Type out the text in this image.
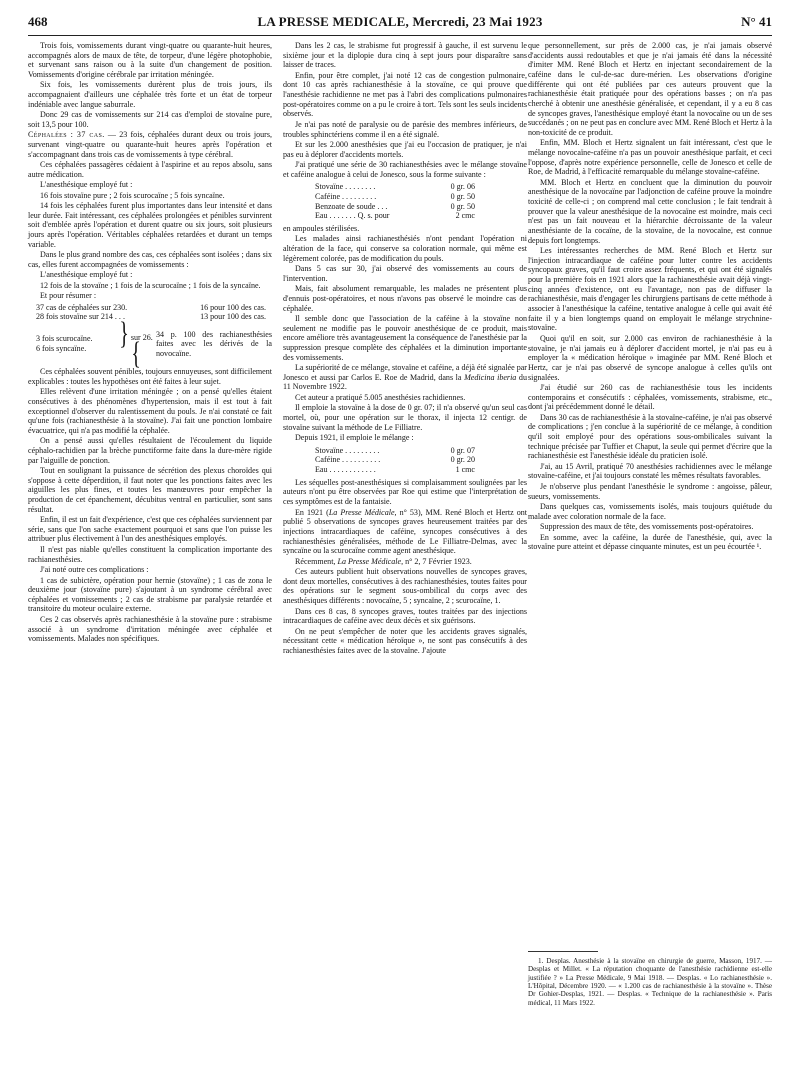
468	LA PRESSE MEDICALE, Mercredi, 23 Mai 1923	N° 41

Trois fois, vomissements durant vingt-quatre ou quarante-huit heures, accompagnés alors de maux de tête, de torpeur, d'une légère photophobie, et survenant sans raison ou à la suite d'un changement de position. Vomissements d'origine cérébrale par irritation méningée.

Six fois, les vomissements durèrent plus de trois jours, ils accompagnaient d'ailleurs une céphalée très forte et un état de torpeur indéniable avec langue saburrale.

Donc 29 cas de vomissements sur 214 cas d'emploi de stovaïne pure, soit 13,5 pour 100.

Céphalées : 37 cas. — 23 fois, céphalées durant deux ou trois jours, survenant vingt-quatre ou quarante-huit heures après l'opération et s'accompagnant dans trois cas de vomissements à type cérébral.

Ces céphalées passagères cédaient à l'aspirine et au repos absolu, sans autre médication.

L'anesthésique employé fut :

16 fois stovaïne pure ; 2 fois scurocaïne ; 5 fois syncaïne.

14 fois les céphalées furent plus importantes dans leur intensité et dans leur durée. Fait intéressant, ces céphalées prolongées et pénibles survinrent soit d'emblée après l'opération et durent quatre ou six jours, soit plusieurs jours après l'opération. Véritables céphalées retardées et durant un temps variable.

Dans le plus grand nombre des cas, ces céphalées sont isolées ; dans six cas, elles furent accompagnées de vomissements :

L'anesthésique employé fut :

12 fois de la stovaïne ; 1 fois de la scurocaïne ; 1 fois de la syncaïne.

Et pour résumer :

37 cas de céphalées sur 230.	16 pour 100 des cas.
28 fois stovaïne sur 214 . . .	13 pour 100 des cas.
3 fois scurocaïne.
6 fois syncaïne.	} sur 26. {
34 p. 100 des rachianesthésies faites avec les dérivés de la novocaïne.

Ces céphalées souvent pénibles, toujours ennuyeuses, sont difficilement explicables : toutes les hypothèses ont été faites à leur sujet.

Elles relèvent d'une irritation méningée ; on a pensé qu'elles étaient consécutives à des phénomènes d'hypertension, mais il est tout à fait exceptionnel d'observer du ralentissement du pouls. Je n'ai constaté ce fait qu'une fois (rachianesthésie à la stovaïne). J'ai fait une ponction lombaire évacuatrice, qui n'a pas modifié la céphalée.

On a pensé aussi qu'elles résultaient de l'écoulement du liquide céphalo-rachidien par la brèche punctiforme faite dans la dure-mère rigide par l'aiguille de ponction.

Tout en soulignant la puissance de sécrétion des plexus choroïdes qui s'oppose à cette déperdition, il faut noter que les ponctions faites avec les aiguilles les plus fines, et toutes les manœuvres pour empêcher la production de cet épanchement, décubitus ventral en particulier, sont sans résultat.

Enfin, il est un fait d'expérience, c'est que ces céphalées surviennent par série, sans que l'on sache exactement pourquoi et sans que l'on puisse les attribuer plus électivement à l'un des anesthésiques employés.

Il n'est pas niable qu'elles constituent la complication importante des rachianesthésies.

J'ai noté outre ces complications :

1 cas de subictère, opération pour hernie (stovaïne) ; 1 cas de zona le deuxième jour (stovaïne pure) s'ajoutant à un syndrome cérébral avec céphalées et vomissements ; 2 cas de strabisme par paralysie retardée et transitoire du moteur oculaire externe.

Ces 2 cas observés après rachianesthésie à la stovaïne pure : strabisme associé à un syndrome d'irritation méningée avec céphalée et vomissements. Malades non spécifiques.

Dans les 2 cas, le strabisme fut progressif à gauche, il est survenu le sixième jour et la diplopie dura cinq à sept jours pour disparaître sans laisser de traces.

Enfin, pour être complet, j'ai noté 12 cas de congestion pulmonaire, dont 10 cas après rachianesthésie à la stovaïne, ce qui prouve que l'anesthésie rachidienne ne met pas à l'abri des complications pulmonaires post-opératoires comme on a pu le croire à tort. Tels sont les seuls incidents observés.

Je n'ai pas noté de paralysie ou de parésie des membres inférieurs, de troubles sphinctériens comme il en a été signalé.

Et sur les 2.000 anesthésies que j'ai eu l'occasion de pratiquer, je n'ai pas eu à déplorer d'accidents mortels.

J'ai pratiqué une série de 30 rachianesthésies avec le mélange stovaïne et caféine analogue à celui de Jonesco, sous la forme suivante :

Stovaïne . . . . . . . .	0 gr. 06
Caféine . . . . . . . . .	0 gr. 50
Benzoate de soude . . .	0 gr. 50
Eau . . . . . . . Q. s. pour	2 cmc

en ampoules stérilisées.

Les malades ainsi rachianesthésiés n'ont pendant l'opération ni altération de la face, qui conserve sa coloration normale, qui même est légèrement colorée, pas de modification du pouls.

Dans 5 cas sur 30, j'ai observé des vomissements au cours de l'intervention.

Mais, fait absolument remarquable, les malades ne présentent plus d'ennuis post-opératoires, et nous n'avons pas observé le moindre cas de céphalée.

Il semble donc que l'association de la caféine à la stovaïne non seulement ne modifie pas le pouvoir anesthésique de ce produit, mais encore améliore très avantageusement la conséquence de l'anesthésie par la suppression presque complète des céphalées et la diminution importante des vomissements.

La supériorité de ce mélange, stovaïne et caféine, a déjà été signalée par Jonesco et aussi par Carlos E. Roe de Madrid, dans la Medicina iberia du 11 Novembre 1922.

Cet auteur a pratiqué 5.005 anesthésies rachidiennes.

Il emploie la stovaïne à la dose de 0 gr. 07; il n'a observé qu'un seul cas mortel, où, pour une opération sur le thorax, il injecta 12 centigr. de stovaïne suivant la méthode de Le Filliatre.

Depuis 1921, il emploie le mélange :

Stovaïne . . . . . . . . .	0 gr. 07
Caféine . . . . . . . . . .	0 gr. 20
Eau . . . . . . . . . . . .	1 cmc

Les séquelles post-anesthésiques si complaisamment soulignées par les auteurs n'ont pu être observées par Roe qui estime que l'interprétation de ces symptômes est de la fantaisie.

En 1921 (La Presse Médicale, n° 53), MM. René Bloch et Hertz ont publié 5 observations de syncopes graves heureusement traitées par des injections intracardiaques de caféine, syncopes consécutives à des rachianesthésies généralisées, méthode de Le Filliatre-Delmas, avec la syncaïne ou la scurocaïne comme agent anesthésique.

Récemment, La Presse Médicale, n° 2, 7 Février 1923.

Ces auteurs publient huit observations nouvelles de syncopes graves, dont deux mortelles, consécutives à des rachianesthésies, toutes faites pour des opérations sur le segment sous-ombilical du corps avec des anesthésiques différents : novocaïne, 5 ; syncaïne, 2 ; scurocaïne, 1.

Dans ces 8 cas, 8 syncopes graves, toutes traitées par des injections intracardiaques de caféine avec deux décès et six guérisons.

On ne peut s'empêcher de noter que les accidents graves signalés, nécessitant cette « médication héroïque », ne sont pas consécutifs à des rachianesthésies faites avec de la stovaïne. J'ajoute

que personnellement, sur près de 2.000 cas, je n'ai jamais observé d'accidents aussi redoutables et que je n'ai jamais été dans la nécessité d'imiter MM. René Bloch et Hertz en injectant secondairement de la caféine dans le cul-de-sac dure-mérien. Les observations d'origine différente qui ont été publiées par ces auteurs prouvent que la rachianesthésie était pratiquée pour des opérations basses ; on n'a pas cherché à obtenir une anesthésie généralisée, et cependant, il y a eu 8 cas de syncopes graves, l'anesthésique employé étant la novocaïne ou un de ses succédanés ; on ne peut pas en conclure avec MM. René Bloch et Hertz à la non-toxicité de ce produit.

Enfin, MM. Bloch et Hertz signalent un fait intéressant, c'est que le mélange novocaïne-caféine n'a pas un pouvoir anesthésique parfait, et ceci l'oppose, d'après notre expérience personnelle, celle de Jonesco et celle de Roe, de Madrid, à l'efficacité remarquable du mélange stovaïne-caféine.

MM. Bloch et Hertz en concluent que la diminution du pouvoir anesthésique de la novocaïne par l'adjonction de caféine prouve la moindre toxicité de celle-ci ; on comprend mal cette conclusion ; le fait tendrait à prouver que la valeur anesthésique de la novocaïne est moindre, mais ceci n'est pas un fait nouveau et la hiérarchie décroissante de la valeur anesthésiante de la cocaïne, de la stovaïne, de la novocaïne, est connue depuis fort longtemps.

Les intéressantes recherches de MM. René Bloch et Hertz sur l'injection intracardiaque de caféine pour lutter contre les accidents syncopaux graves, qu'il faut croire assez fréquents, et qui ont été signalés pour la première fois en 1921 alors que la rachianesthésie avait déjà vingt-cinq années d'existence, ont eu l'avantage, non pas de diffuser la rachianesthésie, mais d'engager les chirurgiens partisans de cette méthode à associer à l'anesthésique la caféine, tentative analogue à celle qui avait été faite il y a bien longtemps quand on employait le mélange strychnine-stovaïne.

Quoi qu'il en soit, sur 2.000 cas environ de rachianesthésie à la stovaïne, je n'ai jamais eu à déplorer d'accident mortel, je n'ai pas eu à employer la « médication héroïque » imaginée par MM. René Bloch et Hertz, car je n'ai pas observé de syncope analogue à celles qu'ils ont signalées.

J'ai étudié sur 260 cas de rachianesthésie tous les incidents contemporains et consécutifs : céphalées, vomissements, strabisme, etc., dont j'ai précédemment donné le détail.

Dans 30 cas de rachianesthésie à la stovaïne-caféine, je n'ai pas observé de complications ; j'en conclue à la supériorité de ce mélange, à condition qu'il soit employé pour des opérations sous-ombilicales suivant la technique précisée par Tuffier et Chaput, la seule qui permet d'écrire que la rachianesthésie est l'anesthésie idéale du praticien isolé.

J'ai, au 15 Avril, pratiqué 70 anesthésies rachidiennes avec le mélange stovaïne-caféine, et j'ai toujours constaté les mêmes résultats favorables.

Je n'observe plus pendant l'anesthésie le syndrome : angoisse, pâleur, sueurs, vomissements.

Dans quelques cas, vomissements isolés, mais toujours quiétude du malade avec coloration normale de la face.

Suppression des maux de tête, des vomissements post-opératoires.

En somme, avec la caféine, la durée de l'anesthésie, qui, avec la stovaïne pure atteint et dépasse cinquante minutes, est un peu écourtée ¹.

1. Desplas. Anesthésie à la stovaïne en chirurgie de guerre, Masson, 1917. — Desplas et Millet. « La réputation choquante de l'anesthésie rachidienne est-elle justifiée ? » La Presse Médicale, 9 Mai 1918. — Desplas. « Lo rachianesthésie ». L'Hôpital, Décembre 1920. — « 1.200 cas de rachianesthésie à la stovaïne ». Thèse Dr Gohier-Desplas, 1921. — Desplas. « Technique de la rachianesthésie ». Paris médical, 11 Mars 1922.
